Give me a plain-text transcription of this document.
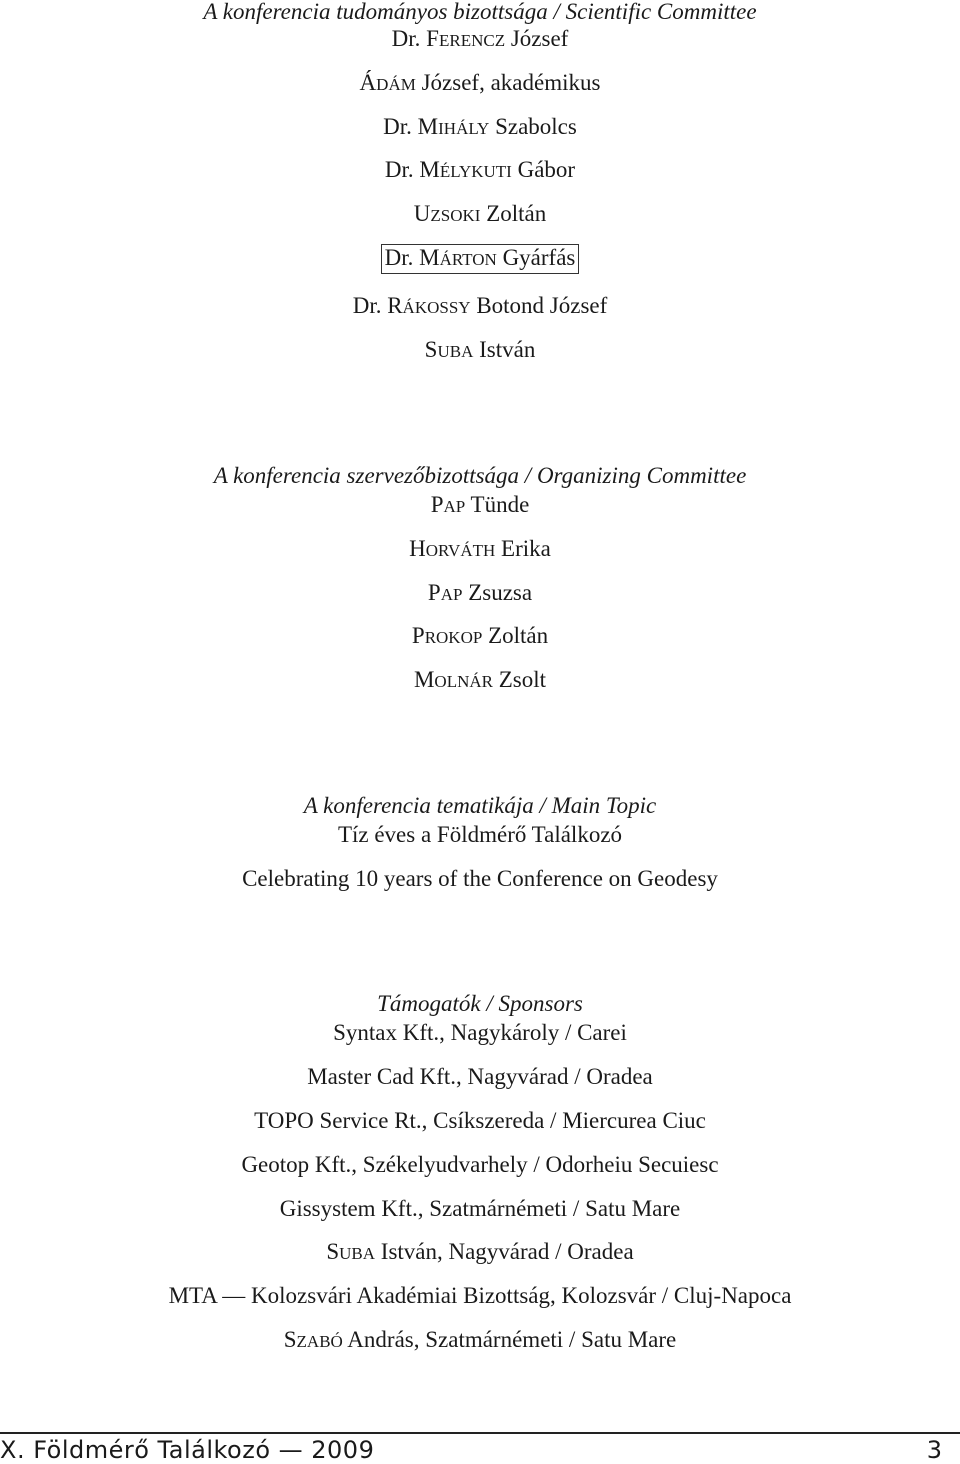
A konferencia tudományos bizottsága / Scientific Committee
Dr. FERENCZ József
ÁDÁM József, akadémikus
Dr. MIHÁLY Szabolcs
Dr. MÉLYKUTI Gábor
UZSOKI Zoltán
Dr. MÁRTON Gyárfás
Dr. RÁKOSSY Botond József
SUBA István
A konferencia szervezőbizottsága / Organizing Committee
PAP Tünde
HORVÁTH Erika
PAP Zsuzsa
PROKOP Zoltán
MOLNÁR Zsolt
A konferencia tematikája / Main Topic
Tíz éves a Földmérő Találkozó
Celebrating 10 years of the Conference on Geodesy
Támogatók / Sponsors
Syntax Kft., Nagykároly / Carei
Master Cad Kft., Nagyvárad / Oradea
TOPO Service Rt., Csíkszereda / Miercurea Ciuc
Geotop Kft., Székelyudvarhely / Odorheiu Secuiesc
Gissystem Kft., Szatmárnémeti / Satu Mare
SUBA István, Nagyvárad / Oradea
MTA — Kolozsvári Akadémiai Bizottság, Kolozsvár / Cluj-Napoca
SZABÓ András, Szatmárnémeti / Satu Mare
X. Földmérő Találkozó — 2009	3
